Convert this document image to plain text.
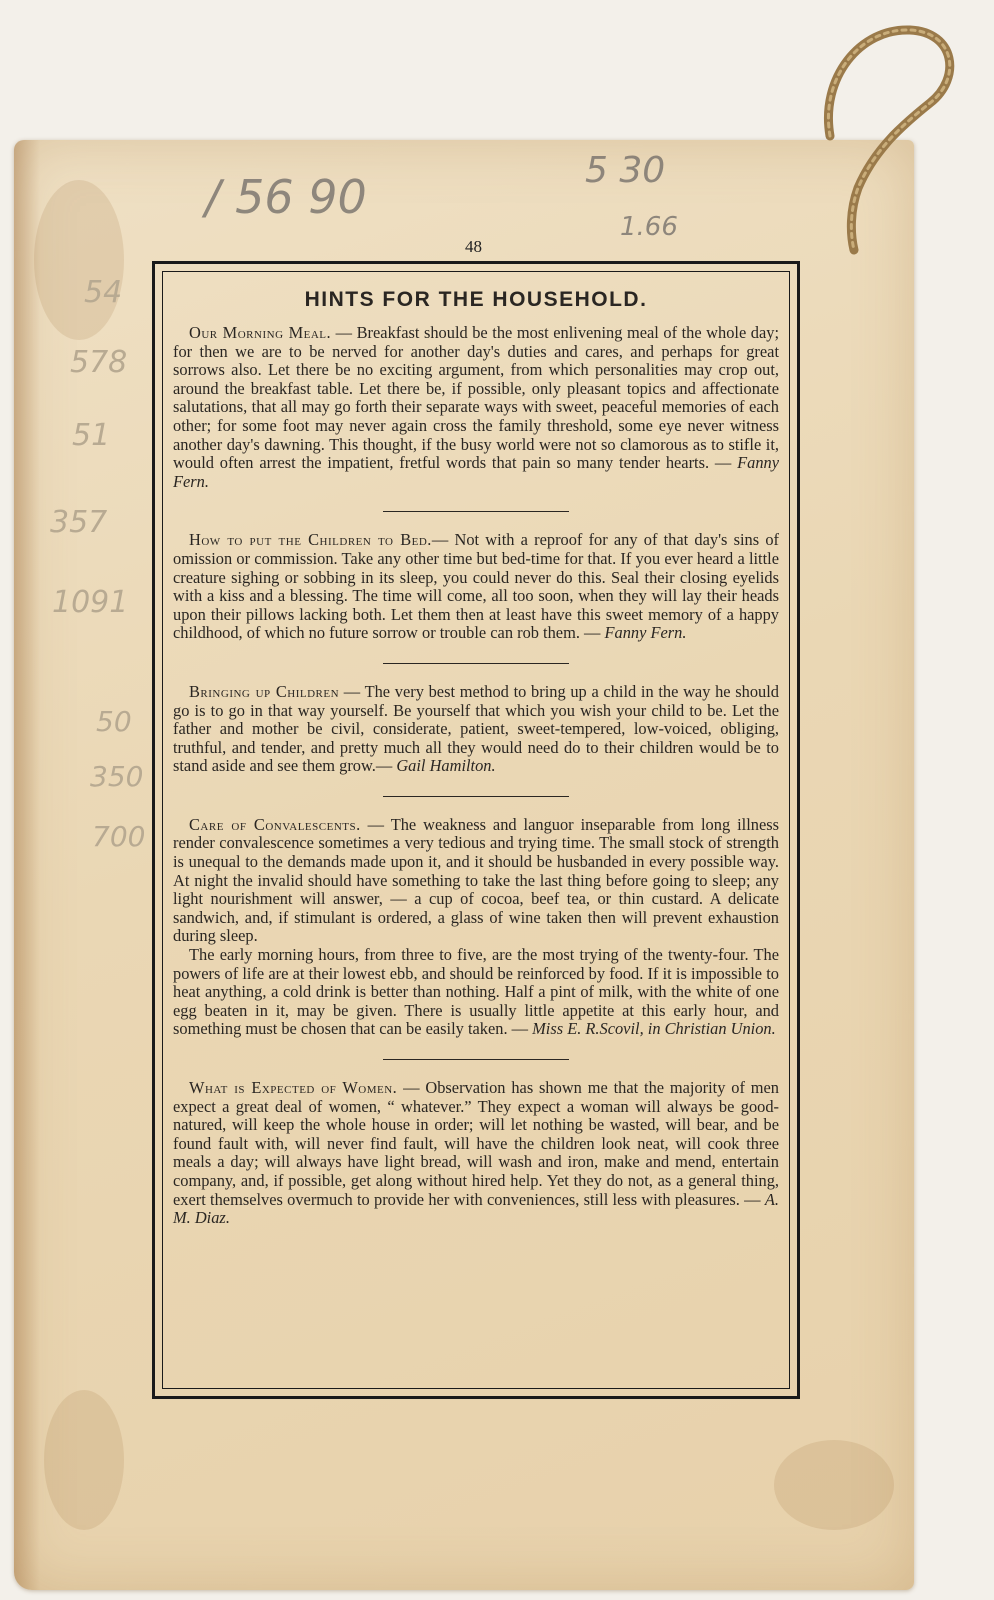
/ 56 90	5 30
1.66
54
578
51
357
1091
50
350
700
48
HINTS FOR THE HOUSEHOLD.

Our Morning Meal. — Breakfast should be the most enlivening meal of the whole day; for then we are to be nerved for another day's duties and cares, and perhaps for great sorrows also. Let there be no exciting argument, from which personalities may crop out, around the breakfast table. Let there be, if possible, only pleasant topics and affectionate salutations, that all may go forth their separate ways with sweet, peaceful memories of each other; for some foot may never again cross the family threshold, some eye never witness another day's dawning. This thought, if the busy world were not so clamorous as to stifle it, would often arrest the impatient, fretful words that pain so many tender hearts. — Fanny Fern.

How to put the Children to Bed.— Not with a reproof for any of that day's sins of omission or commission. Take any other time but bed-time for that. If you ever heard a little creature sighing or sobbing in its sleep, you could never do this. Seal their closing eyelids with a kiss and a blessing. The time will come, all too soon, when they will lay their heads upon their pillows lacking both. Let them then at least have this sweet memory of a happy childhood, of which no future sorrow or trouble can rob them. — Fanny Fern.

Bringing up Children — The very best method to bring up a child in the way he should go is to go in that way yourself. Be yourself that which you wish your child to be. Let the father and mother be civil, considerate, patient, sweet-tempered, low-voiced, obliging, truthful, and tender, and pretty much all they would need do to their children would be to stand aside and see them grow.— Gail Hamilton.

Care of Convalescents. — The weakness and languor inseparable from long illness render convalescence sometimes a very tedious and trying time. The small stock of strength is unequal to the demands made upon it, and it should be husbanded in every possible way. At night the invalid should have something to take the last thing before going to sleep; any light nourishment will answer, — a cup of cocoa, beef tea, or thin custard. A delicate sandwich, and, if stimulant is ordered, a glass of wine taken then will prevent exhaustion during sleep.

The early morning hours, from three to five, are the most trying of the twenty-four. The powers of life are at their lowest ebb, and should be reinforced by food. If it is impossible to heat anything, a cold drink is better than nothing. Half a pint of milk, with the white of one egg beaten in it, may be given. There is usually little appetite at this early hour, and something must be chosen that can be easily taken. — Miss E. R.Scovil, in Christian Union.

What is Expected of Women. — Observation has shown me that the majority of men expect a great deal of women, “ whatever.” They expect a woman will always be good-natured, will keep the whole house in order; will let nothing be wasted, will bear, and be found fault with, will never find fault, will have the children look neat, will cook three meals a day; will always have light bread, will wash and iron, make and mend, entertain company, and, if possible, get along without hired help. Yet they do not, as a general thing, exert themselves overmuch to provide her with conveniences, still less with pleasures. — A. M. Diaz.
